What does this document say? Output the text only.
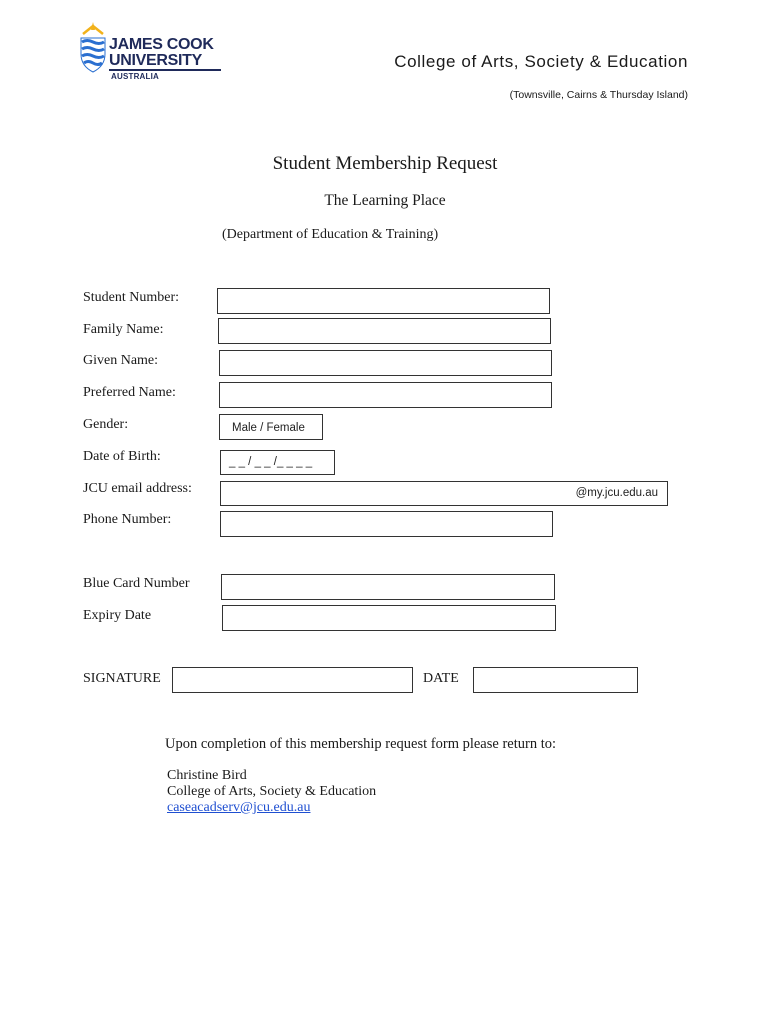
JAMES COOK
UNIVERSITY
AUSTRALIA
College of Arts, Society & Education
(Townsville, Cairns & Thursday Island)
Student Membership Request
The Learning Place
(Department of Education & Training)
Student Number:
Family Name:
Given Name:
Preferred Name:
Gender:	Male / Female
Date of Birth:	_ _ / _ _ /_ _ _ _
JCU email address:	@my.jcu.edu.au
Phone Number:
Blue Card Number
Expiry Date
SIGNATURE	DATE
Upon completion of this membership request form please return to:
Christine Bird
College of Arts, Society & Education
caseacadserv@jcu.edu.au
